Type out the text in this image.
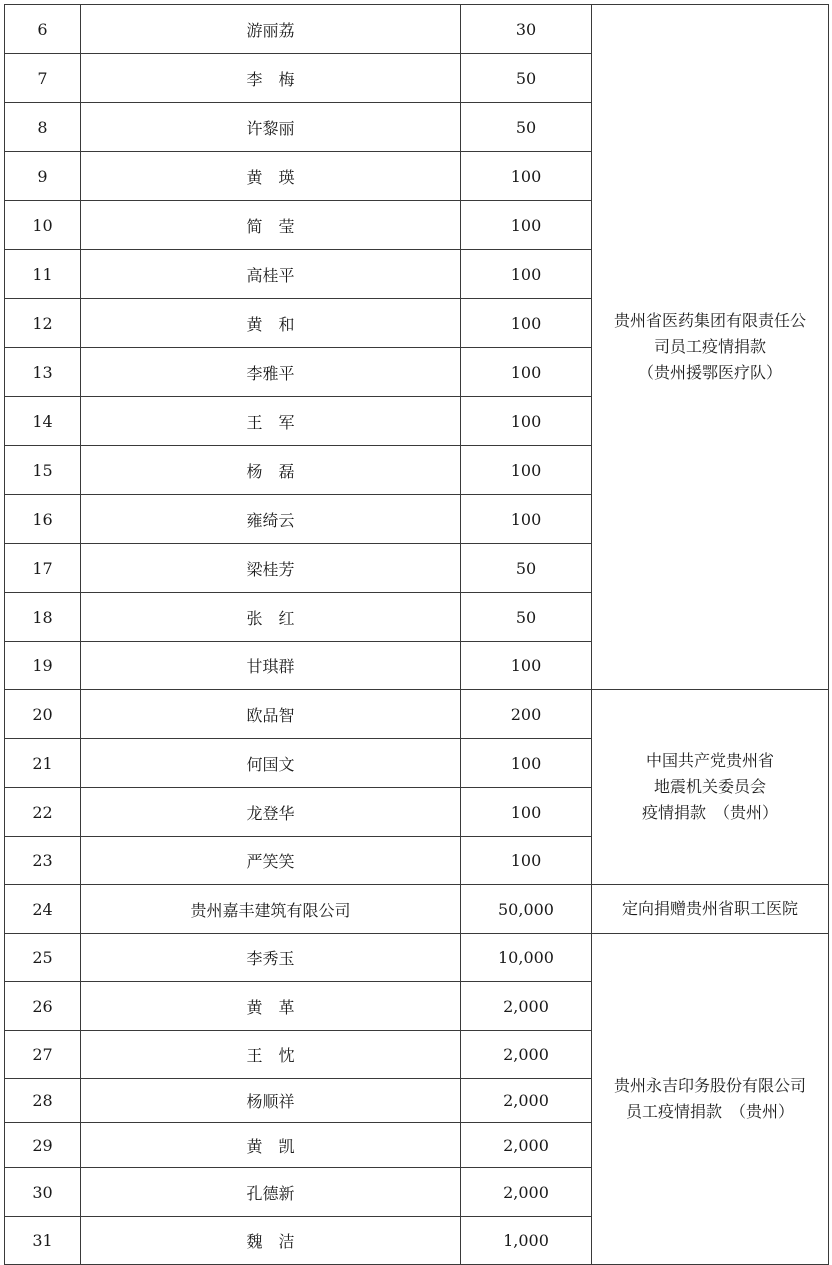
6	游丽荔	30	贵州省医药集团有限责任公
司员工疫情捐款
（贵州援鄂医疗队）

7	李　梅	50	
8	许黎丽	50	
9	黄　瑛	100	
10	简　莹	100	
11	高桂平	100	
12	黄　和	100	
13	李雅平	100	
14	王　军	100	
15	杨　磊	100	
16	雍绮云	100	
17	梁桂芳	50	
18	张　红	50	
19	甘琪群	100	
20	欧品智	200	中国共产党贵州省
地震机关委员会
疫情捐款　（贵州）

21	何国文	100	
22	龙登华	100	
23	严笑笑	100	
24	贵州嘉丰建筑有限公司	50,000	定向捐赠贵州省职工医院

25	李秀玉	10,000	贵州永吉印务股份有限公司
员工疫情捐款　（贵州）

26	黄　革	2,000	
27	王　忱	2,000	
28	杨顺祥	2,000	
29	黄　凯	2,000	
30	孔德新	2,000	
31	魏　洁	1,000	
